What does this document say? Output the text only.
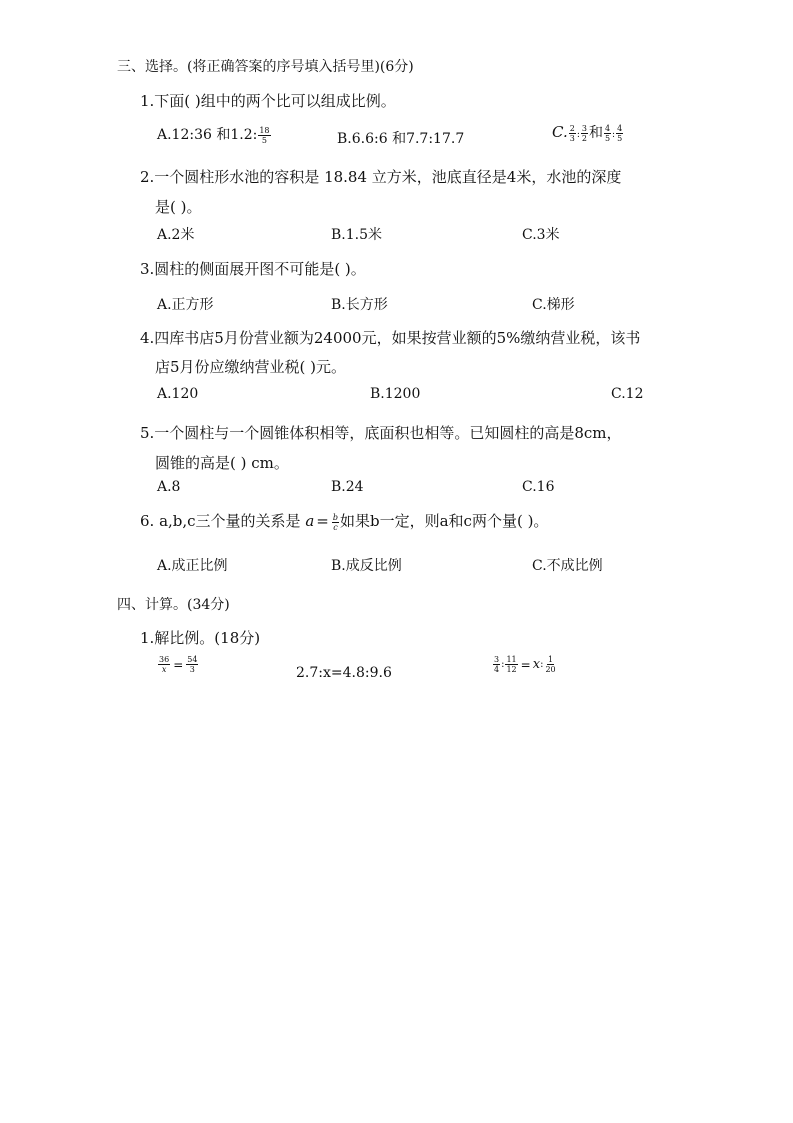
三、选择。(将正确答案的序号填入括号里)(6分)
1.下面( )组中的两个比可以组成比例。
A.12:36 和1.2: $\frac{18}{5}$	B.6.6:6 和7.7:17.7	C. $\frac{2}{3}$ : $\frac{3}{2}$ 和 $\frac{4}{5}$ : $\frac{4}{5}$
2.一个圆柱形水池的容积是 18.84 立方米，池底直径是4米，水池的深度
是( )。
A.2米	B.1.5米	C.3米
3.圆柱的侧面展开图不可能是( )。
A.正方形	B.长方形	C.梯形
4.四库书店5月份营业额为24000元，如果按营业额的5%缴纳营业税，该书
店5月份应缴纳营业税( )元。
A.120	B.1200	C.12
5.一个圆柱与一个圆锥体积相等，底面积也相等。已知圆柱的高是8cm，
圆锥的高是( ) cm。
A.8	B.24	C.16
6. a,b,c三个量的关系是 $a = \frac{b}{c}$ 如果b一定，则a和c两个量( )。
A.成正比例	B.成反比例	C.不成比例
四、计算。(34分)
1.解比例。(18分)
$\frac{36}{x} = \frac{54}{3}$	2.7:x=4.8:9.6	$\frac{3}{4}$ : $\frac{11}{12} = x$ : $\frac{1}{20}$
